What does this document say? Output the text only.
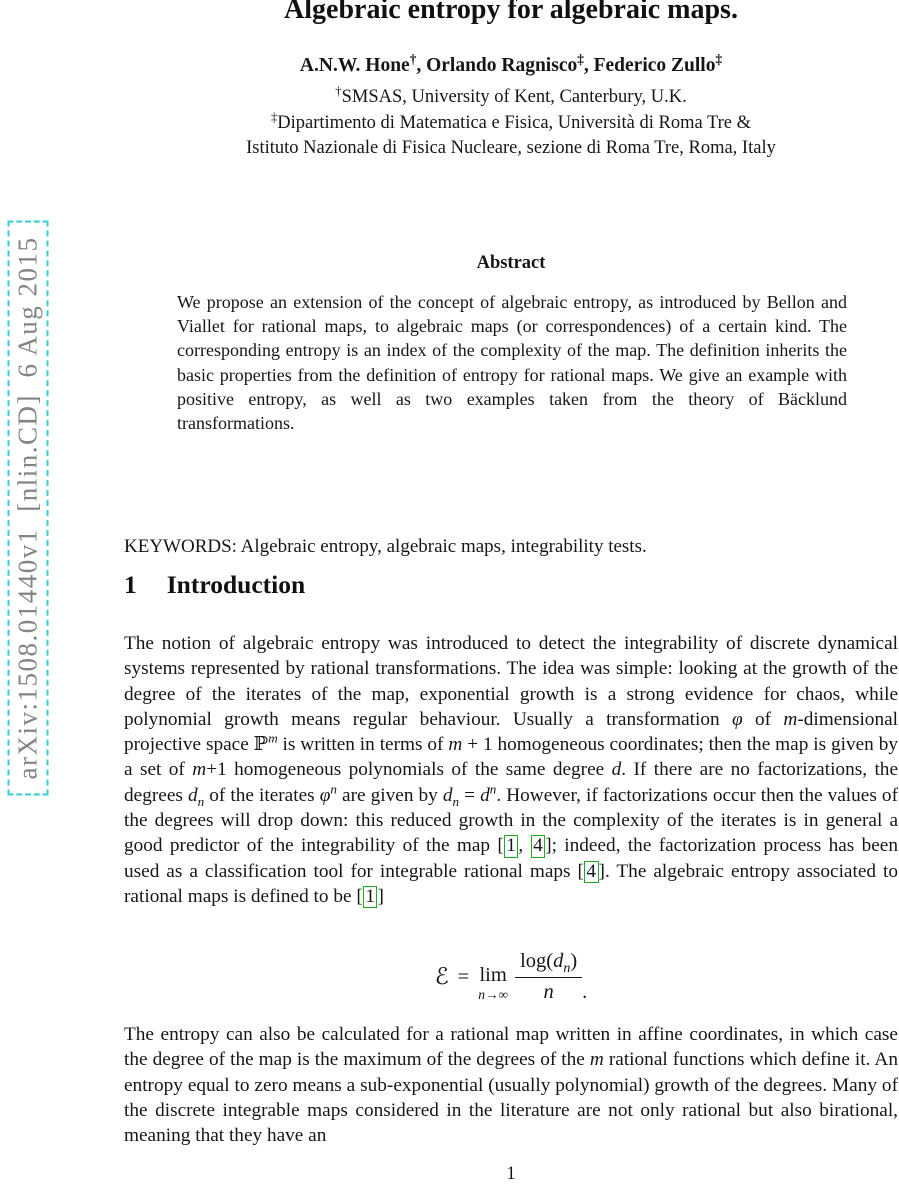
arXiv:1508.01440v1  [nlin.CD]  6 Aug 2015
Algebraic entropy for algebraic maps.
A.N.W. Hone†, Orlando Ragnisco‡, Federico Zullo‡
†SMSAS, University of Kent, Canterbury, U.K.
‡Dipartimento di Matematica e Fisica, Università di Roma Tre &
Istituto Nazionale di Fisica Nucleare, sezione di Roma Tre, Roma, Italy
Abstract
We propose an extension of the concept of algebraic entropy, as introduced by Bellon and Viallet for rational maps, to algebraic maps (or correspondences) of a certain kind. The corresponding entropy is an index of the complexity of the map. The definition inherits the basic properties from the definition of entropy for rational maps. We give an example with positive entropy, as well as two examples taken from the theory of Bäcklund transformations.
KEYWORDS: Algebraic entropy, algebraic maps, integrability tests.
1 Introduction
The notion of algebraic entropy was introduced to detect the integrability of discrete dynamical systems represented by rational transformations. The idea was simple: looking at the growth of the degree of the iterates of the map, exponential growth is a strong evidence for chaos, while polynomial growth means regular behaviour. Usually a transformation φ of m-dimensional projective space ℙ$^m$ is written in terms of m + 1 homogeneous coordinates; then the map is given by a set of m+1 homogeneous polynomials of the same degree d. If there are no factorizations, the degrees $d_n$ of the iterates $\varphi^n$ are given by $d_n = d^n$. However, if factorizations occur then the values of the degrees will drop down: this reduced growth in the complexity of the iterates is in general a good predictor of the integrability of the map [ 1 , 4 ]; indeed, the factorization process has been used as a classification tool for integrable rational maps [ 4 ]. The algebraic entropy associated to rational maps is defined to be [ 1 ]
ℰ = lim
$n\to\infty \frac{\log(d_n)}{n}$ .
The entropy can also be calculated for a rational map written in affine coordinates, in which case the degree of the map is the maximum of the degrees of the m rational functions which define it. An entropy equal to zero means a sub-exponential (usually polynomial) growth of the degrees. Many of the discrete integrable maps considered in the literature are not only rational but also birational, meaning that they have an
1
